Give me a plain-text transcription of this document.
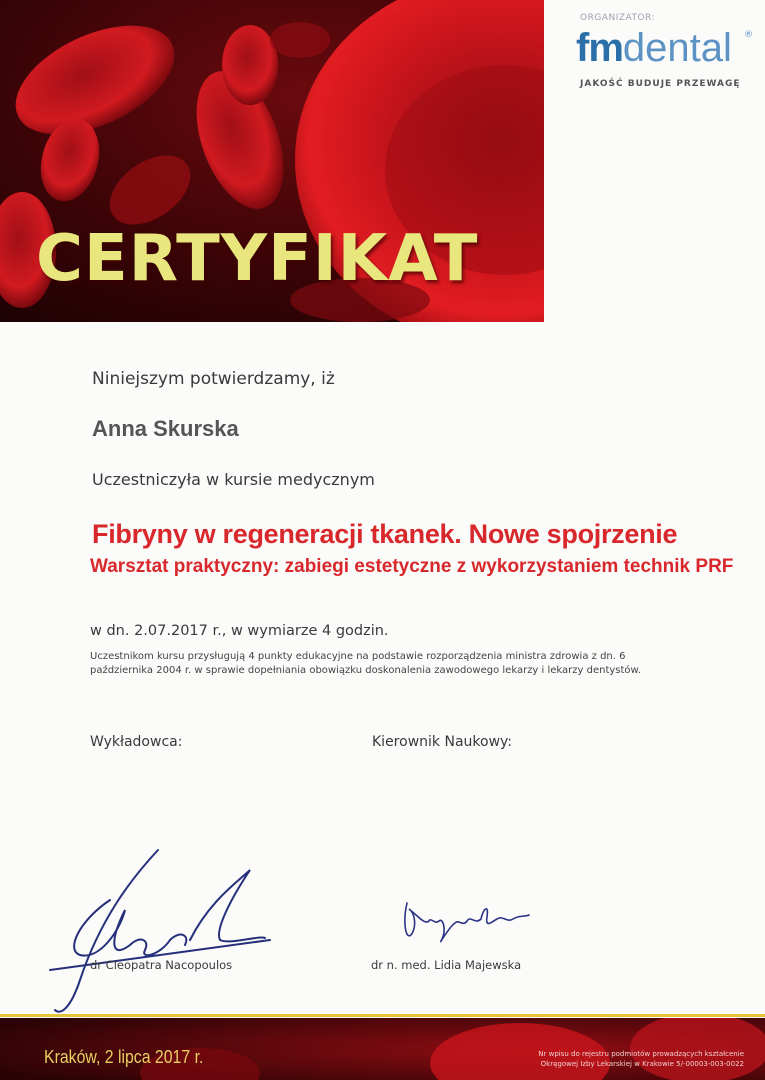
CERTYFIKAT
ORGANIZATOR:
fmdental ®
JAKOŚĆ BUDUJE PRZEWAGĘ
Niniejszym potwierdzamy, iż
Anna Skurska
Uczestniczyła w kursie medycznym
Fibryny w regeneracji tkanek. Nowe spojrzenie
Warsztat praktyczny: zabiegi estetyczne z wykorzystaniem technik PRF
w dn. 2.07.2017 r., w wymiarze 4 godzin.
Uczestnikom kursu przysługują 4 punkty edukacyjne na podstawie rozporządzenia ministra zdrowia z dn. 6 października 2004 r. w sprawie dopełniania obowiązku doskonalenia zawodowego lekarzy i lekarzy dentystów.
Wykładowca:	Kierownik Naukowy:
dr Cleopatra Nacopoulos	dr n. med. Lidia Majewska
Kraków, 2 lipca 2017 r.	Nr wpisu do rejestru podmiotów prowadzących kształcenie Okręgowej Izby Lekarskiej w Krakowie 5/-00003-003-0022
